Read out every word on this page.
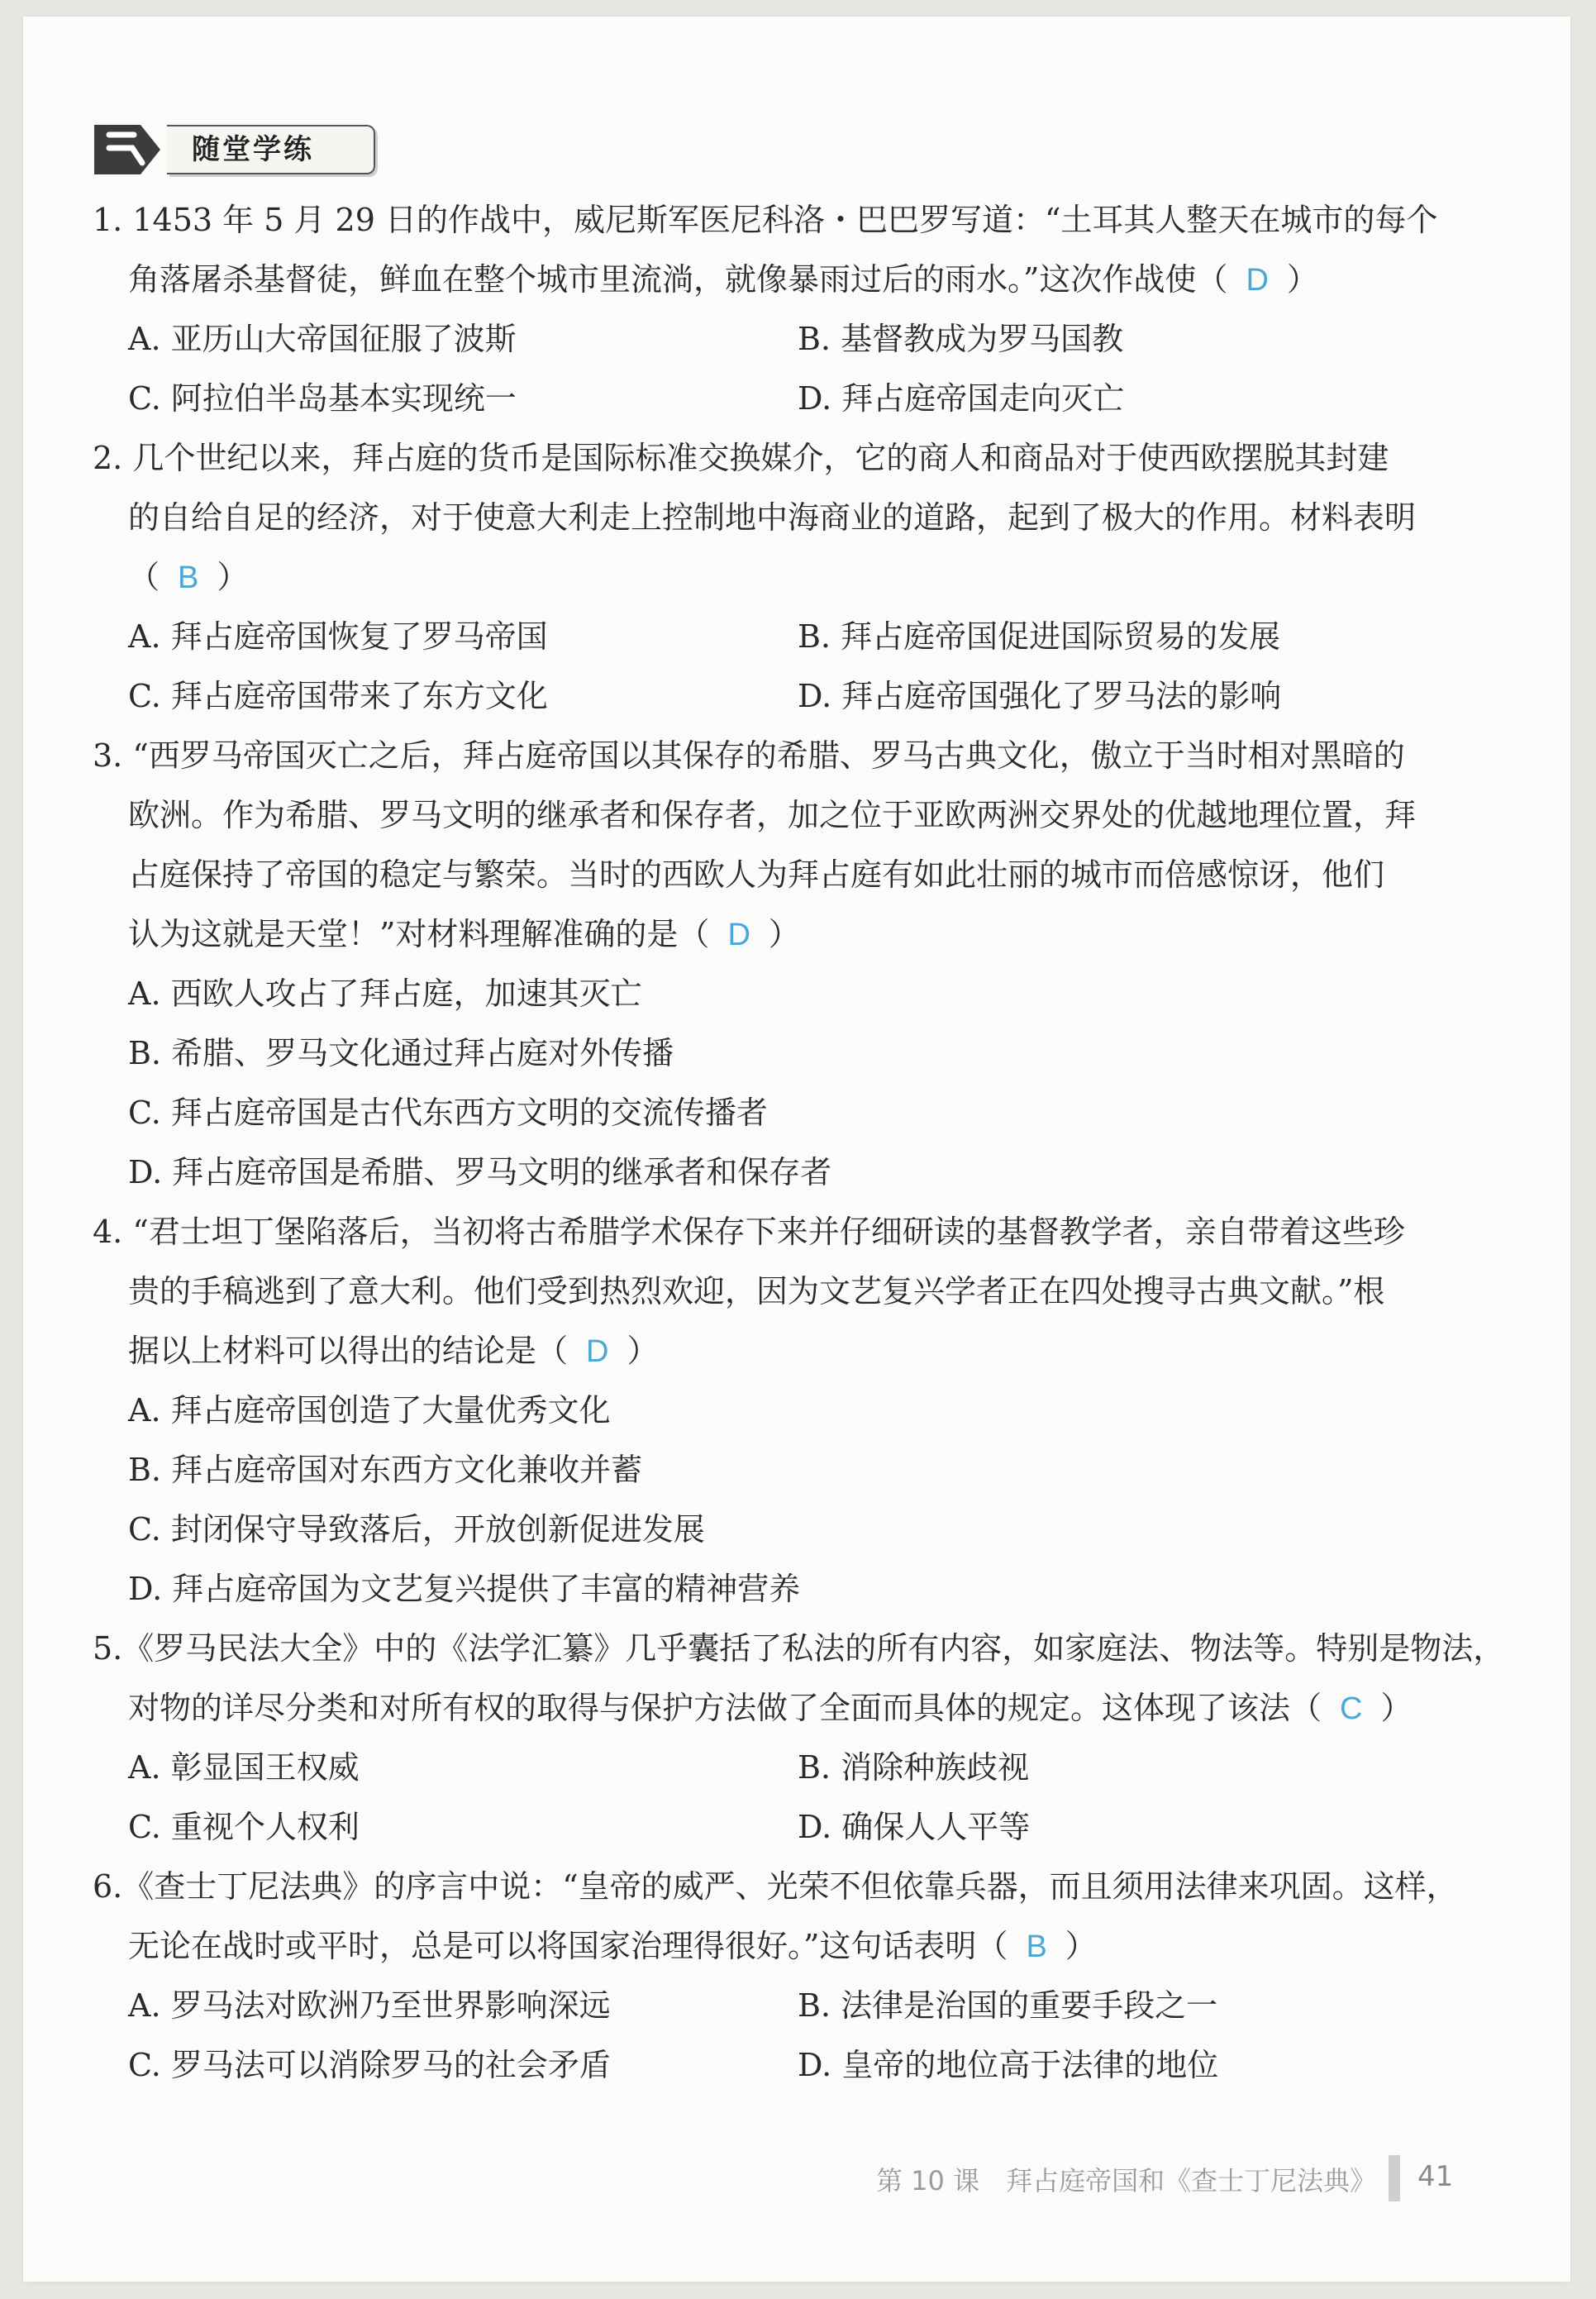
随堂学练
1. 1453 年 5 月 29 日的作战中，威尼斯军医尼科洛・巴巴罗写道：“土耳其人整天在城市的每个
角落屠杀基督徒，鲜血在整个城市里流淌，就像暴雨过后的雨水。”这次作战使（ D ）
A. 亚历山大帝国征服了波斯	B. 基督教成为罗马国教
C. 阿拉伯半岛基本实现统一	D. 拜占庭帝国走向灭亡
2. 几个世纪以来，拜占庭的货币是国际标准交换媒介，它的商人和商品对于使西欧摆脱其封建
的自给自足的经济，对于使意大利走上控制地中海商业的道路，起到了极大的作用。材料表明
（ B ）
A. 拜占庭帝国恢复了罗马帝国	B. 拜占庭帝国促进国际贸易的发展
C. 拜占庭帝国带来了东方文化	D. 拜占庭帝国强化了罗马法的影响
3. “西罗马帝国灭亡之后，拜占庭帝国以其保存的希腊、罗马古典文化，傲立于当时相对黑暗的
欧洲。作为希腊、罗马文明的继承者和保存者，加之位于亚欧两洲交界处的优越地理位置，拜
占庭保持了帝国的稳定与繁荣。当时的西欧人为拜占庭有如此壮丽的城市而倍感惊讶，他们
认为这就是天堂！”对材料理解准确的是（ D ）
A. 西欧人攻占了拜占庭，加速其灭亡
B. 希腊、罗马文化通过拜占庭对外传播
C. 拜占庭帝国是古代东西方文明的交流传播者
D. 拜占庭帝国是希腊、罗马文明的继承者和保存者
4. “君士坦丁堡陷落后，当初将古希腊学术保存下来并仔细研读的基督教学者，亲自带着这些珍
贵的手稿逃到了意大利。他们受到热烈欢迎，因为文艺复兴学者正在四处搜寻古典文献。”根
据以上材料可以得出的结论是（ D ）
A. 拜占庭帝国创造了大量优秀文化
B. 拜占庭帝国对东西方文化兼收并蓄
C. 封闭保守导致落后，开放创新促进发展
D. 拜占庭帝国为文艺复兴提供了丰富的精神营养
5.《罗马民法大全》中的《法学汇纂》几乎囊括了私法的所有内容，如家庭法、物法等。特别是物法，
对物的详尽分类和对所有权的取得与保护方法做了全面而具体的规定。这体现了该法（ C ）
A. 彰显国王权威	B. 消除种族歧视
C. 重视个人权利	D. 确保人人平等
6.《查士丁尼法典》的序言中说：“皇帝的威严、光荣不但依靠兵器，而且须用法律来巩固。这样，
无论在战时或平时，总是可以将国家治理得很好。”这句话表明（ B ）
A. 罗马法对欧洲乃至世界影响深远	B. 法律是治国的重要手段之一
C. 罗马法可以消除罗马的社会矛盾	D. 皇帝的地位高于法律的地位
第 10 课　拜占庭帝国和《查士丁尼法典》 41
